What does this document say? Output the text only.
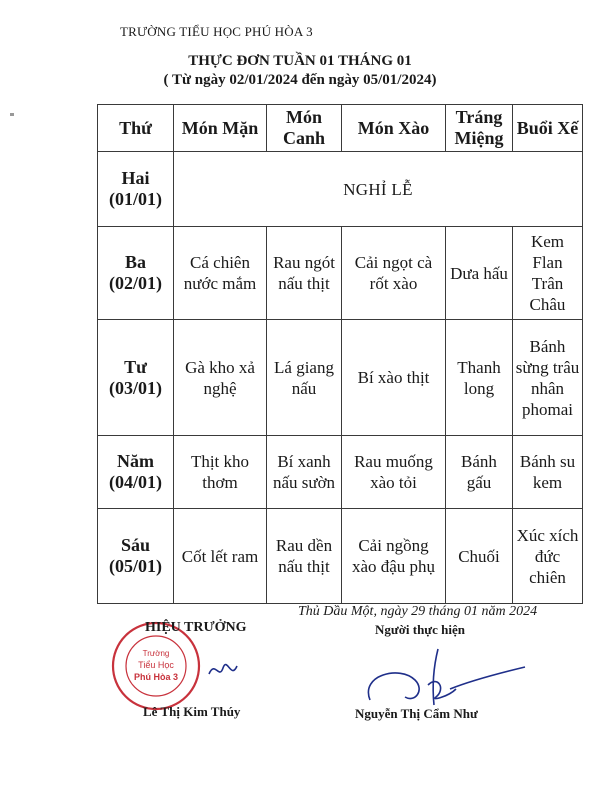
TRƯỜNG TIỂU HỌC PHÚ HÒA 3
THỰC ĐƠN TUẦN 01 THÁNG 01
( Từ ngày 02/01/2024 đến ngày 05/01/2024)
Thứ	Món Mặn	Món Canh	Món Xào	Tráng Miệng	Buổi Xế

Hai
(01/01)	NGHỈ LỄ				

Ba
(02/01)	Cá chiên nước mắm	Rau ngót nấu thịt	Cải ngọt cà rốt xào	Dưa hấu	Kem Flan Trân Châu

Tư
(03/01)	Gà kho xả nghệ	Lá giang nấu	Bí xào thịt	Thanh long	Bánh sừng trâu nhân phomai

Năm
(04/01)	Thịt kho thơm	Bí xanh nấu sườn	Rau muống xào tỏi	Bánh gấu	Bánh su kem

Sáu
(05/01)	Cốt lết ram	Rau dền nấu thịt	Cải ngồng xào đậu phụ	Chuối	Xúc xích đức chiên
Thủ Dầu Một, ngày 29 tháng 01 năm 2024
Trường
Tiểu Học
Phú Hòa 3
HIỆU TRƯỞNG	Người thực hiện
Lê Thị Kim Thúy	Nguyễn Thị Cẩm Như
